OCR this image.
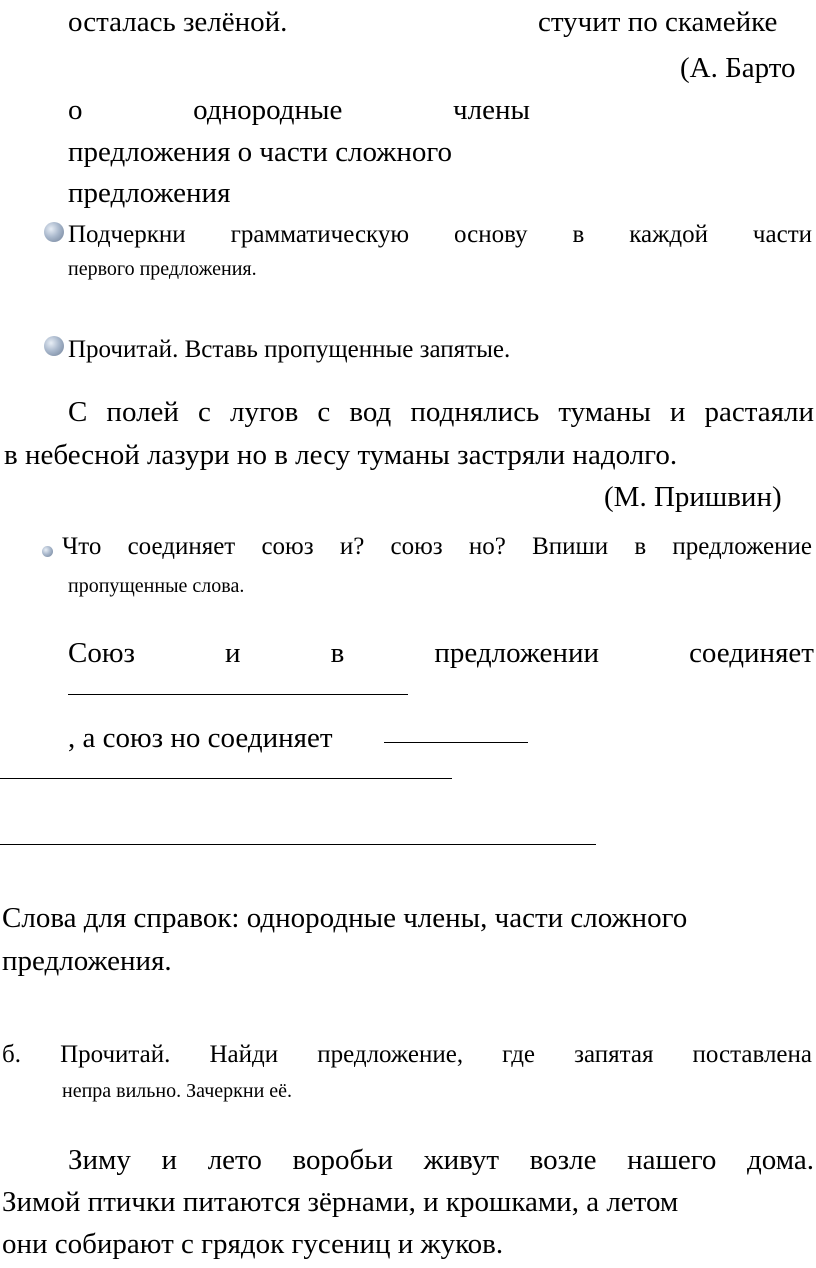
осталась зелёной.	стучит по скамейке
(А. Барто
о	однородные	члены
предложения о части сложного
предложения
Подчеркни грамматическую основу в каждой части
первого предложения.
Прочитай. Вставь пропущенные запятые.
С полей с лугов с вод поднялись туманы и растаяли
в небесной лазури но в лесу туманы застряли надолго.
(М. Пришвин)
Что соединяет союз и? союз но? Впиши в предложение
пропущенные слова.
Союз	и	в	предложении	соединяет
, а союз но соединяет
Слова для справок: однородные члены, части сложного
предложения.
б. Прочитай. Найди предложение, где запятая поставлена
непра вильно. Зачеркни её.
Зиму и лето воробьи живут возле нашего дома.
Зимой птички питаются зёрнами, и крошками, а летом
они собирают с грядок гусениц и жуков.
